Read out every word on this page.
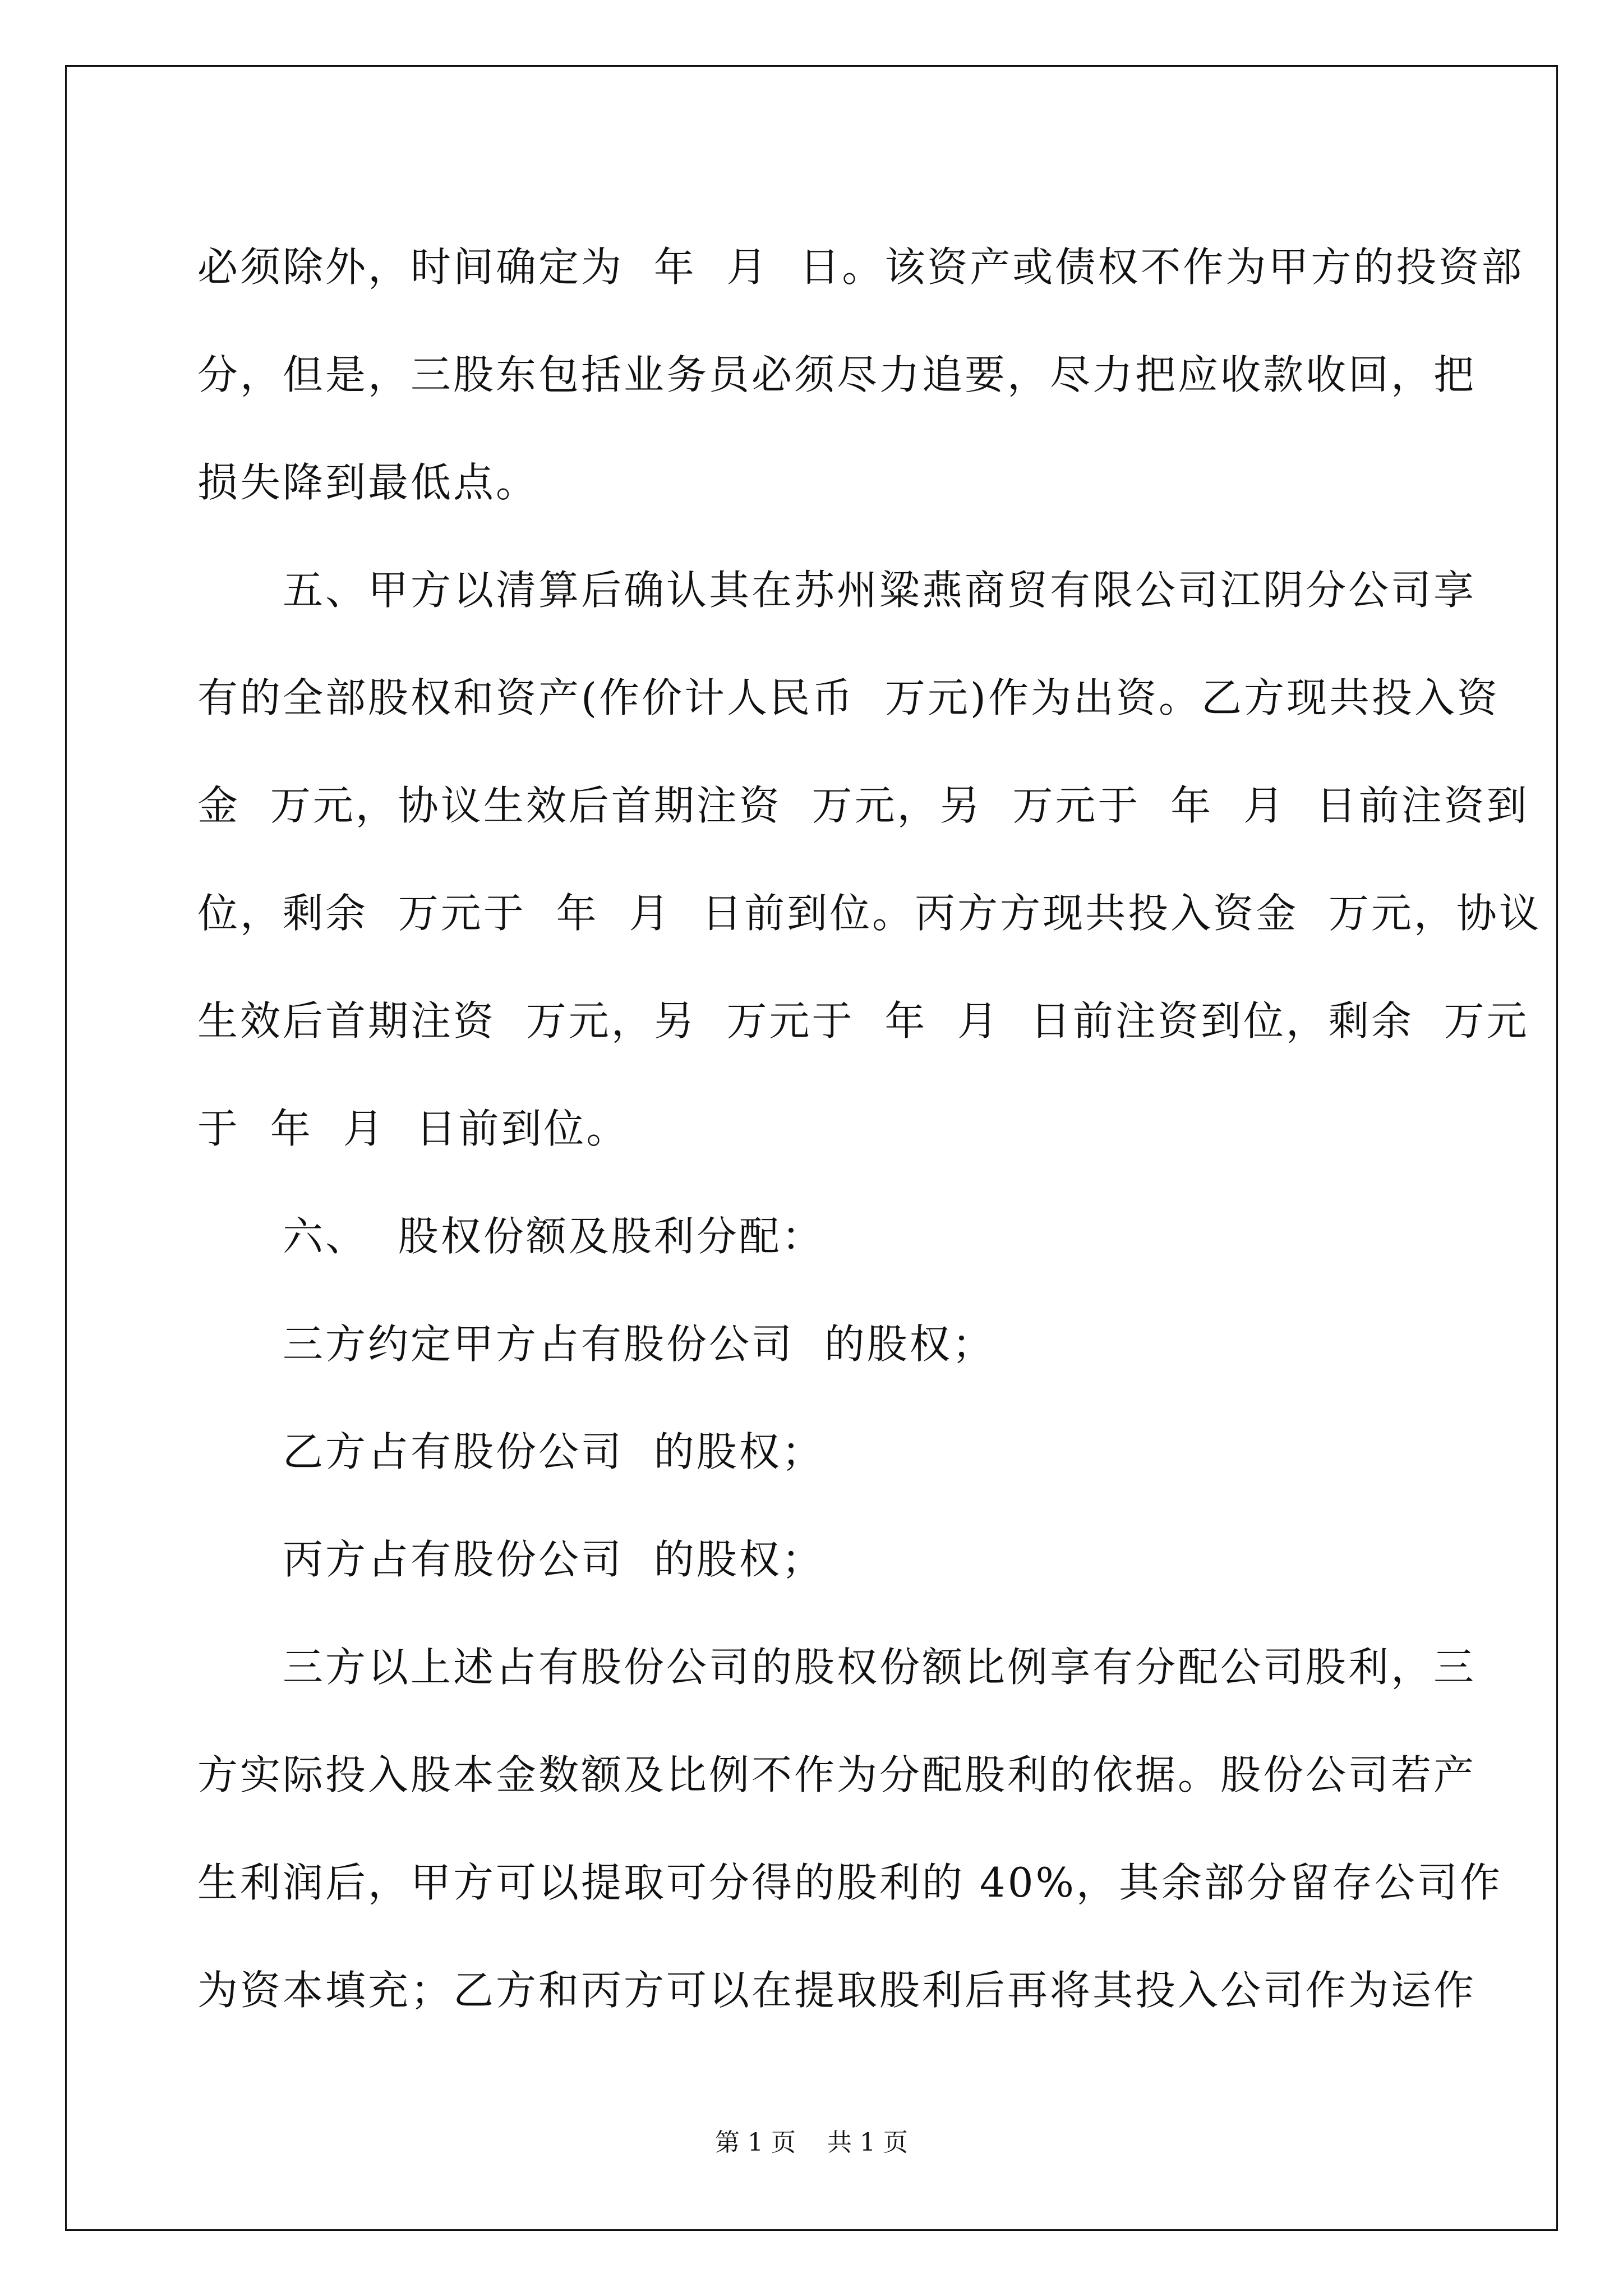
必须除外，时间确定为  年  月  日。该资产或债权不作为甲方的投资部
分，但是，三股东包括业务员必须尽力追要，尽力把应收款收回，把
损失降到最低点。
五、甲方以清算后确认其在苏州粱燕商贸有限公司江阴分公司享
有的全部股权和资产(作价计人民币  万元)作为出资。乙方现共投入资
金  万元，协议生效后首期注资  万元，另  万元于  年  月  日前注资到
位，剩余  万元于  年  月  日前到位。丙方方现共投入资金  万元，协议
生效后首期注资  万元，另  万元于  年  月  日前注资到位，剩余  万元
于  年  月  日前到位。
六、  股权份额及股利分配：
三方约定甲方占有股份公司  的股权；
乙方占有股份公司  的股权；
丙方占有股份公司  的股权；
三方以上述占有股份公司的股权份额比例享有分配公司股利，三
方实际投入股本金数额及比例不作为分配股利的依据。股份公司若产
生利润后，甲方可以提取可分得的股利的 40%，其余部分留存公司作
为资本填充；乙方和丙方可以在提取股利后再将其投入公司作为运作
第 1 页 共 1 页
